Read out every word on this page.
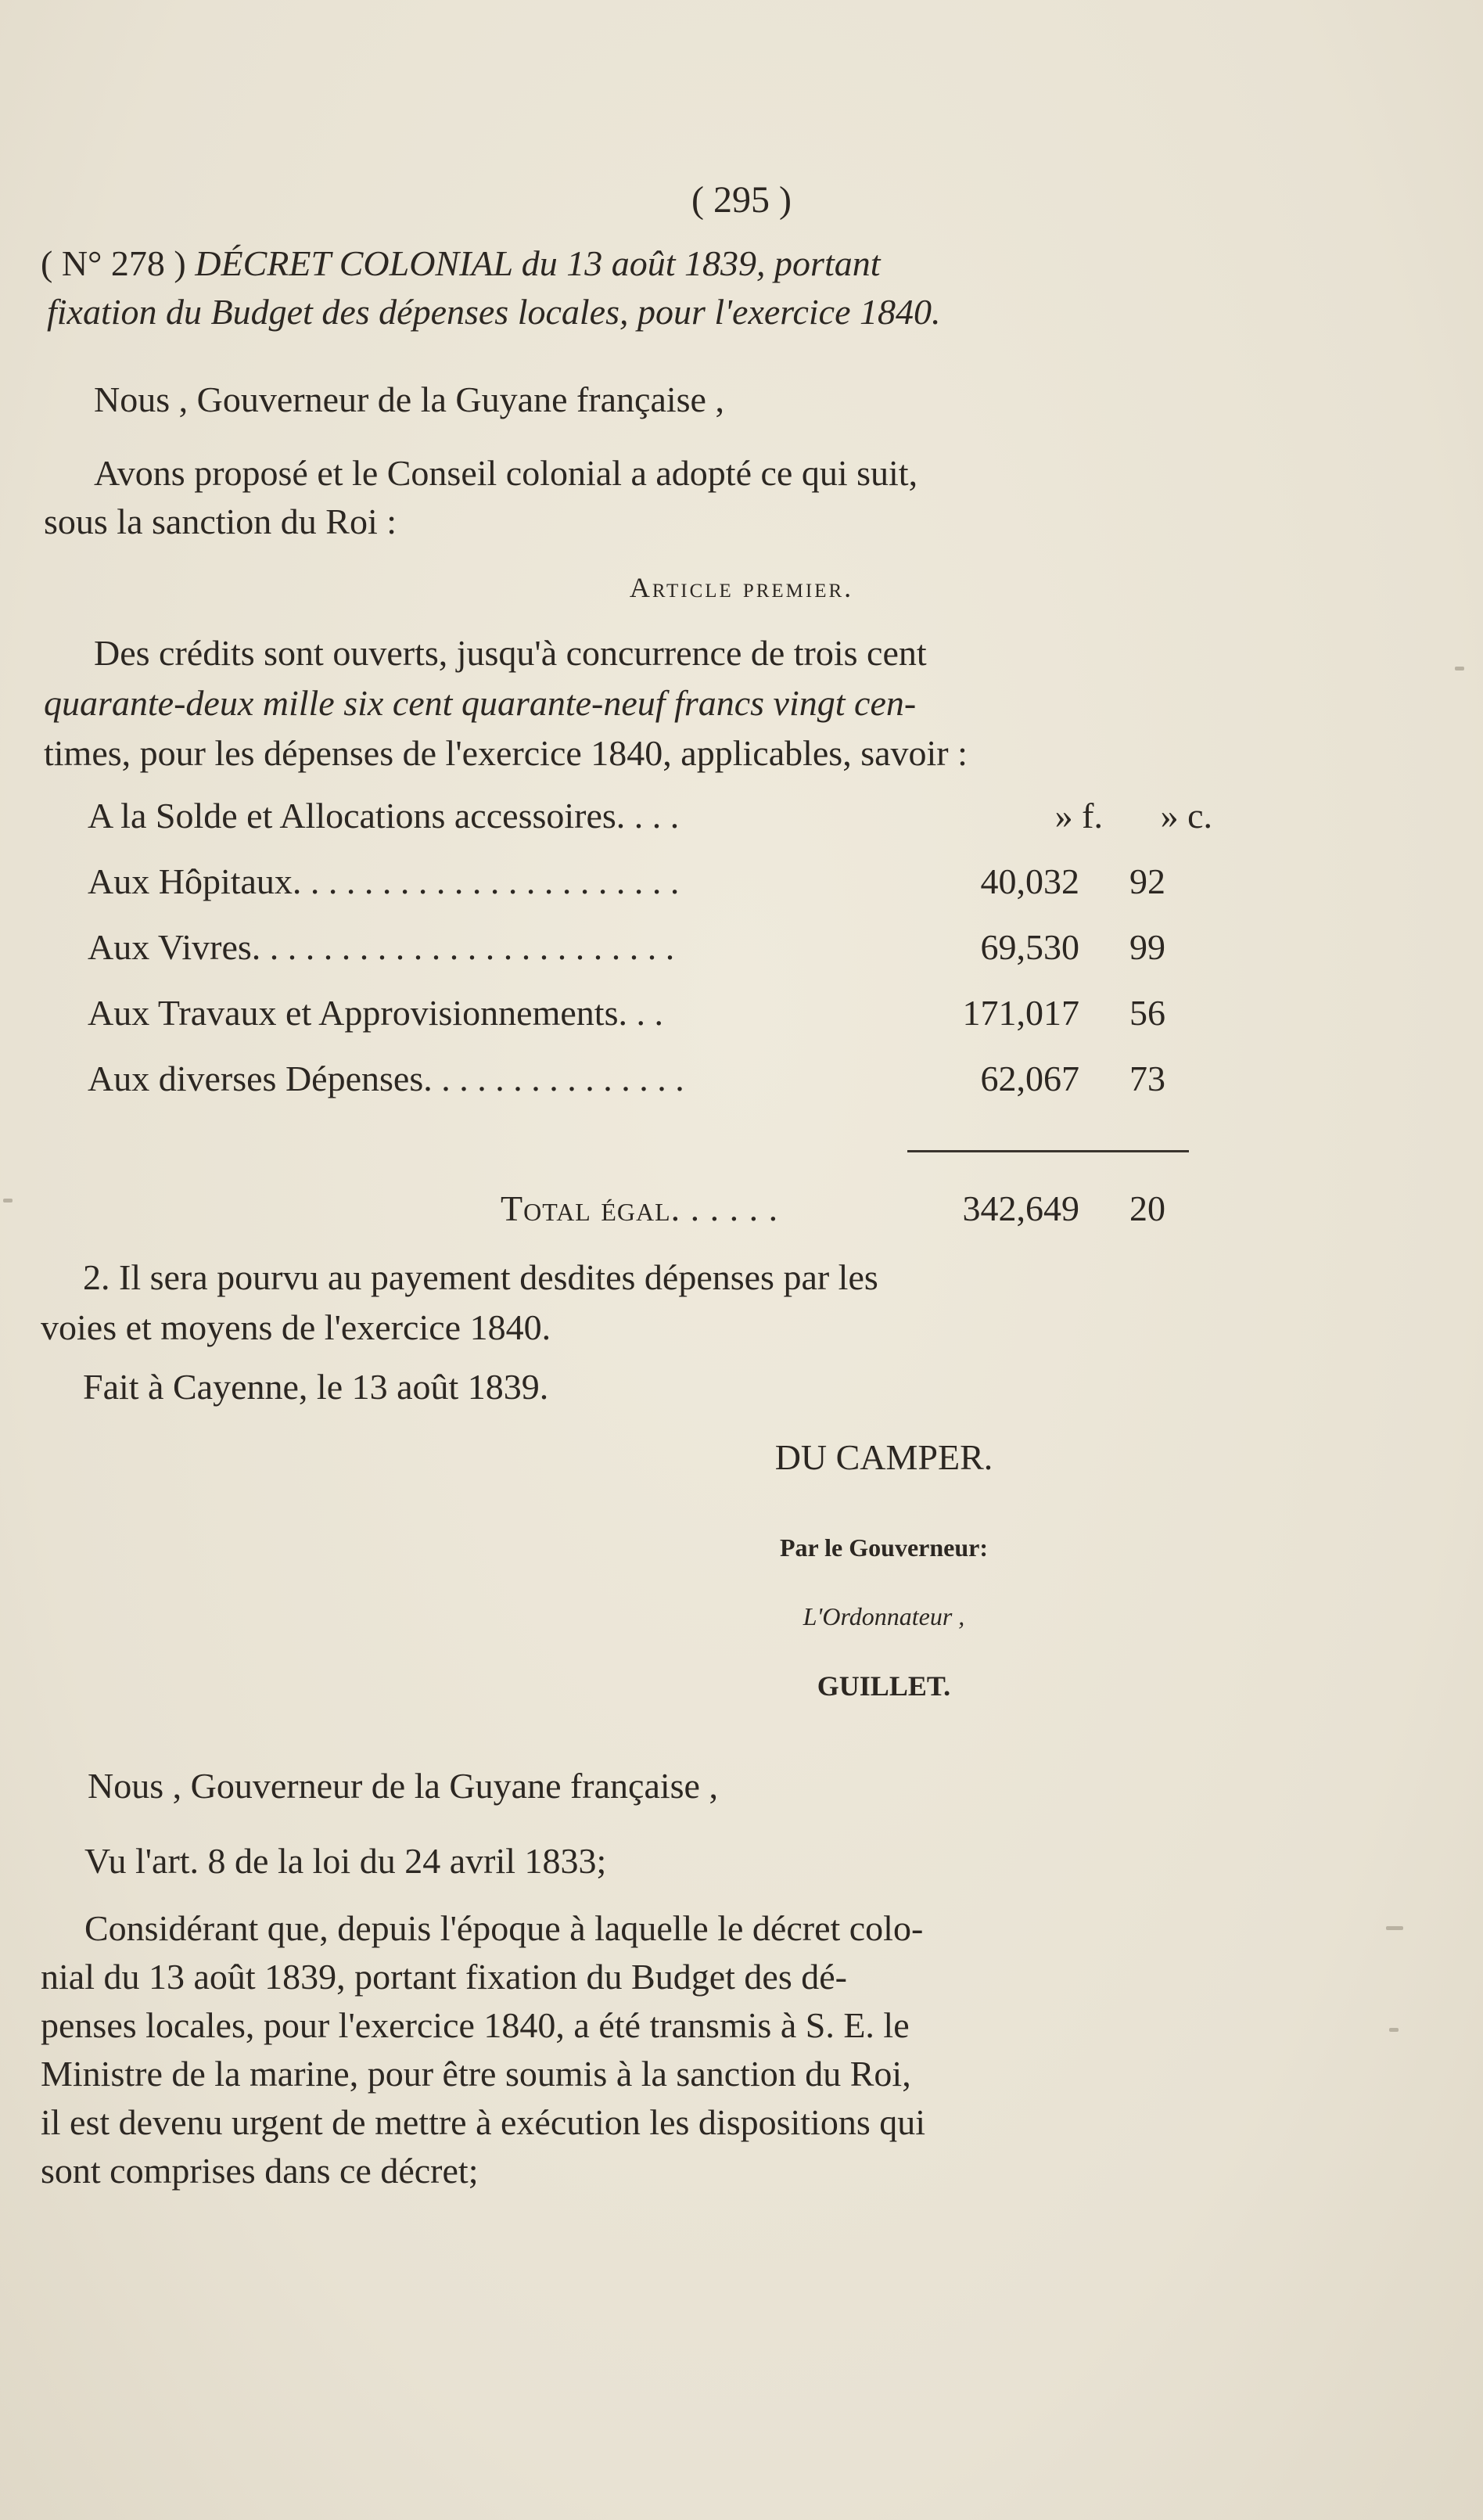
( 295 )
( N° 278 ) DÉCRET COLONIAL du 13 août 1839, portant
fixation du Budget des dépenses locales, pour l'exercice 1840.
Nous , Gouverneur de la Guyane française ,
Avons proposé et le Conseil colonial a adopté ce qui suit,
sous la sanction du Roi :
Article premier.
Des crédits sont ouverts, jusqu'à concurrence de trois cent
quarante-deux mille six cent quarante-neuf francs vingt cen-
times, pour les dépenses de l'exercice 1840, applicables, savoir :
A la Solde et Allocations accessoires. . . .	» f.	» c.
Aux Hôpitaux. . . . . . . . . . . . . . . . . . . . . .	40,032	92
Aux Vivres. . . . . . . . . . . . . . . . . . . . . . . .	69,530	99
Aux Travaux et Approvisionnements. . .	171,017	56
Aux diverses Dépenses. . . . . . . . . . . . . . .	62,067	73
Total égal. . . . . .	342,649	20
2. Il sera pourvu au payement desdites dépenses par les
voies et moyens de l'exercice 1840.
Fait à Cayenne, le 13 août 1839.
DU CAMPER.
Par le Gouverneur:
L'Ordonnateur ,
GUILLET.
Nous , Gouverneur de la Guyane française ,
Vu l'art. 8 de la loi du 24 avril 1833;
Considérant que, depuis l'époque à laquelle le décret colo-
nial du 13 août 1839, portant fixation du Budget des dé-
penses locales, pour l'exercice 1840, a été transmis à S. E. le
Ministre de la marine, pour être soumis à la sanction du Roi,
il est devenu urgent de mettre à exécution les dispositions qui
sont comprises dans ce décret;
